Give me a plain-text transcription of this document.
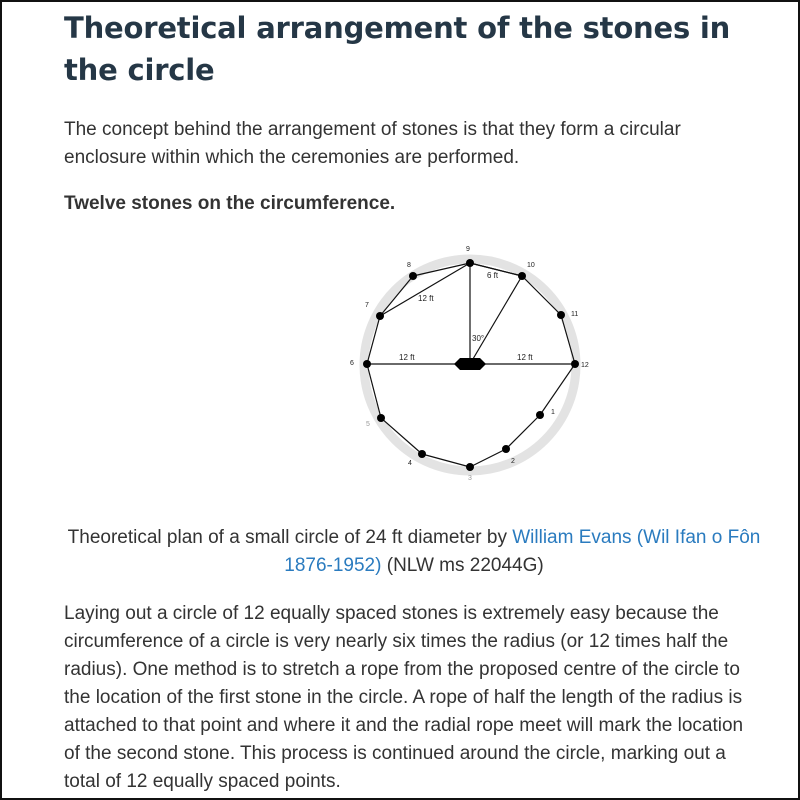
Theoretical arrangement of the stones in the circle

The concept behind the arrangement of stones is that they form a circular enclosure within which the ceremonies are performed.

Twelve stones on the circumference.

1
2
3
4
5
6
7
8
9
10
11
12
12 ft	12 ft
12 ft
6 ft
30°

Theoretical plan of a small circle of 24 ft diameter by William Evans (Wil Ifan o Fôn 1876-1952) (NLW ms 22044G)

Laying out a circle of 12 equally spaced stones is extremely easy because the circumference of a circle is very nearly six times the radius (or 12 times half the radius). One method is to stretch a rope from the proposed centre of the circle to the location of the first stone in the circle. A rope of half the length of the radius is attached to that point and where it and the radial rope meet will mark the location of the second stone. This process is continued around the circle, marking out a total of 12 equally spaced points.
